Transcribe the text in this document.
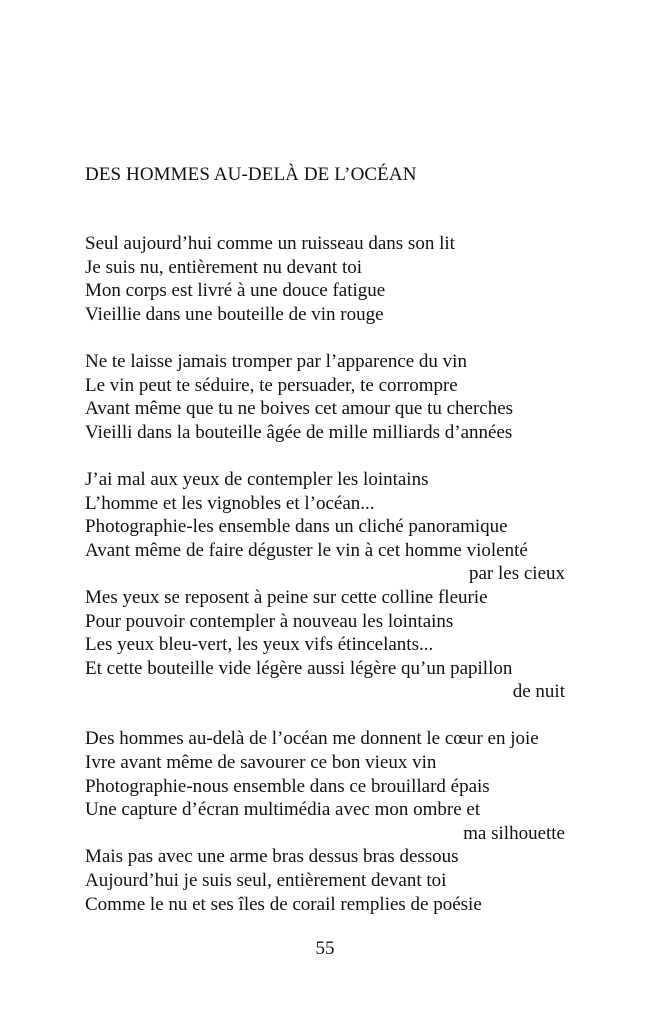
DES HOMMES AU-DELÀ DE L’OCÉAN
Seul aujourd’hui comme un ruisseau dans son lit
Je suis nu, entièrement nu devant toi
Mon corps est livré à une douce fatigue
Vieillie dans une bouteille de vin rouge
Ne te laisse jamais tromper par l’apparence du vin
Le vin peut te séduire, te persuader, te corrompre
Avant même que tu ne boives cet amour que tu cherches
Vieilli dans la bouteille âgée de mille milliards d’années
J’ai mal aux yeux de contempler les lointains
L’homme et les vignobles et l’océan...
Photographie-les ensemble dans un cliché panoramique
Avant même de faire déguster le vin à cet homme violenté
par les cieux
Mes yeux se reposent à peine sur cette colline fleurie
Pour pouvoir contempler à nouveau les lointains
Les yeux bleu-vert, les yeux vifs étincelants...
Et cette bouteille vide légère aussi légère qu’un papillon
de nuit
Des hommes au-delà de l’océan me donnent le cœur en joie
Ivre avant même de savourer ce bon vieux vin
Photographie-nous ensemble dans ce brouillard épais
Une capture d’écran multimédia avec mon ombre et
ma silhouette
Mais pas avec une arme bras dessus bras dessous
Aujourd’hui je suis seul, entièrement devant toi
Comme le nu et ses îles de corail remplies de poésie
55
